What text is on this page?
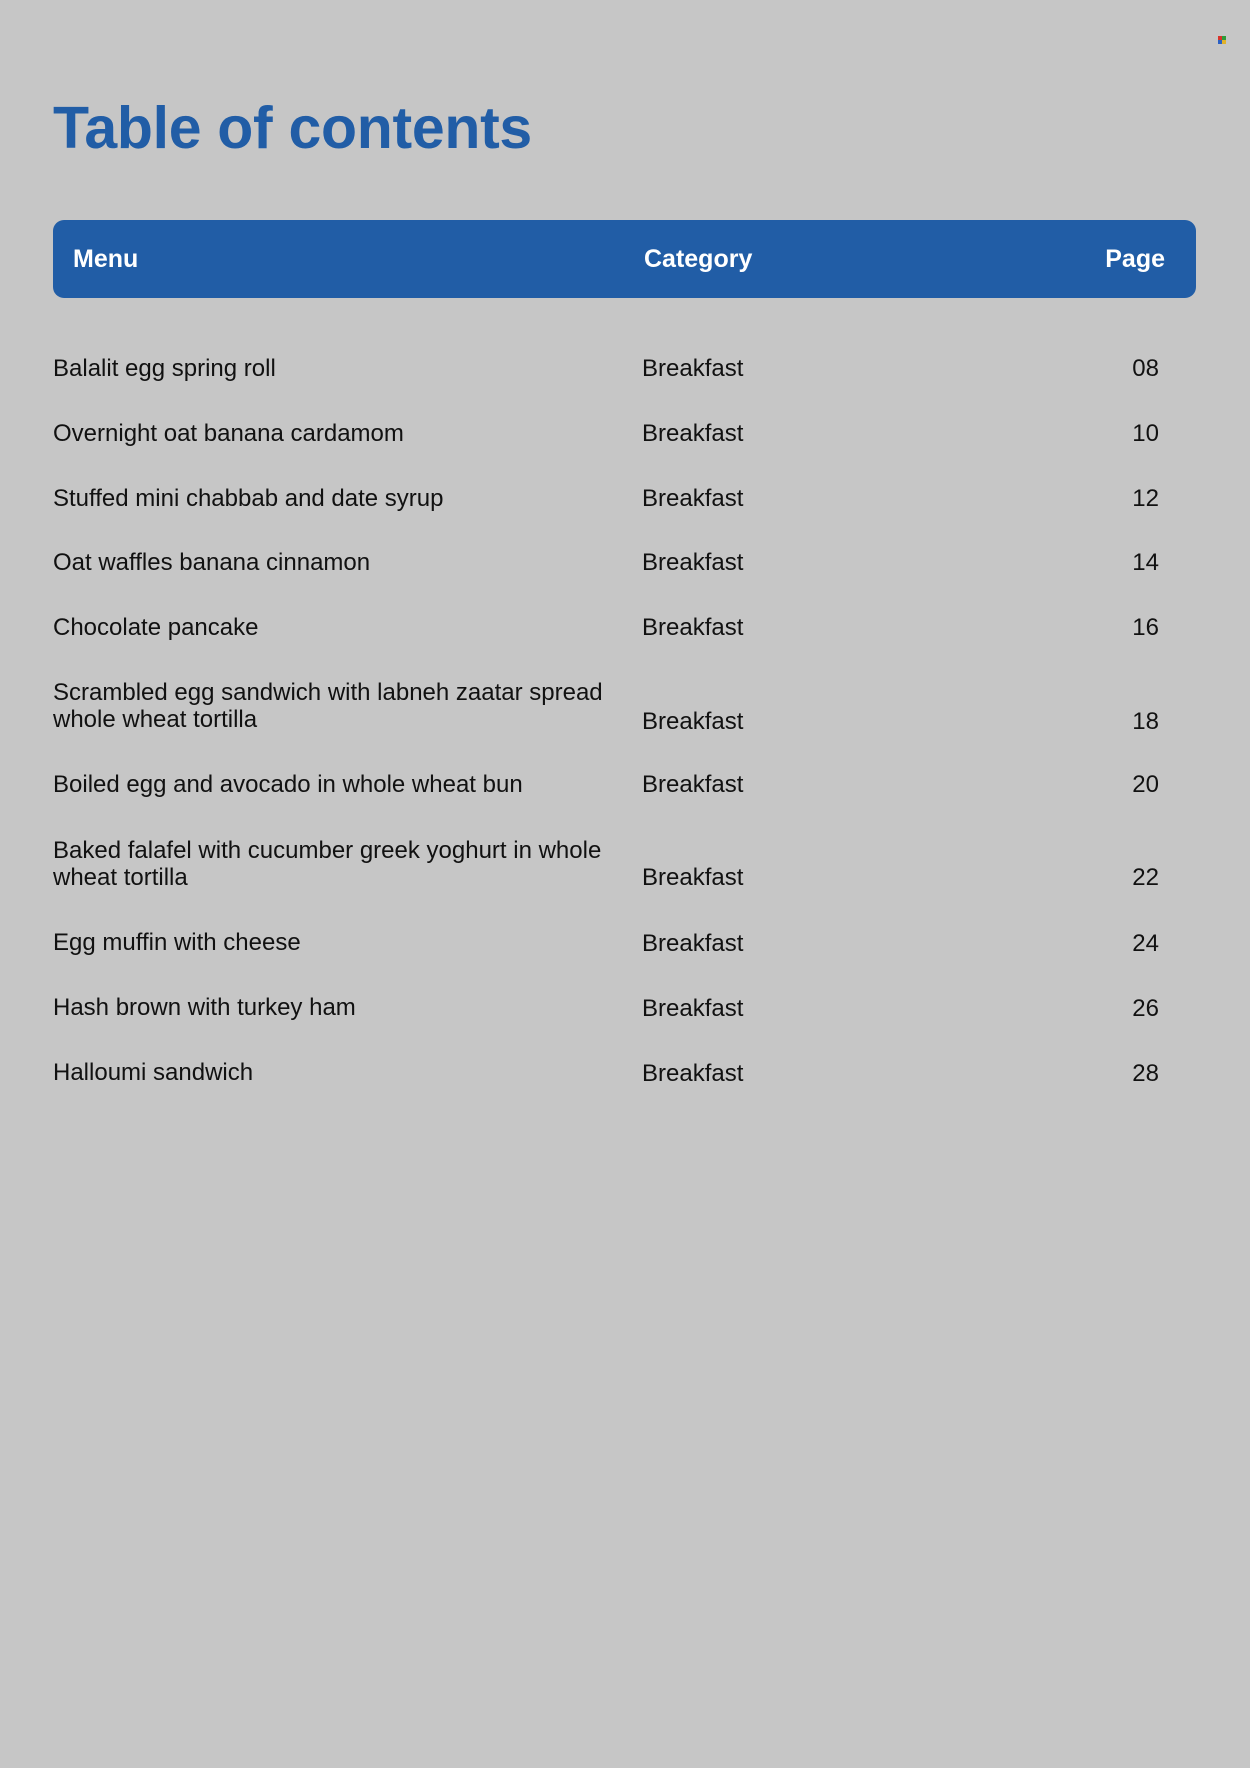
Table of contents
Menu	Category	Page
Balalit egg spring roll	Breakfast	08
Overnight oat banana cardamom	Breakfast	10
Stuffed mini chabbab and date syrup	Breakfast	12
Oat waffles banana cinnamon	Breakfast	14
Chocolate pancake	Breakfast	16
Scrambled egg sandwich with labneh zaatar spread whole wheat tortilla	Breakfast	18
Boiled egg and avocado in whole wheat bun	Breakfast	20
Baked falafel with cucumber greek yoghurt in whole wheat tortilla	Breakfast	22
Egg muffin with cheese	Breakfast	24
Hash brown with turkey ham	Breakfast	26
Halloumi sandwich	Breakfast	28
